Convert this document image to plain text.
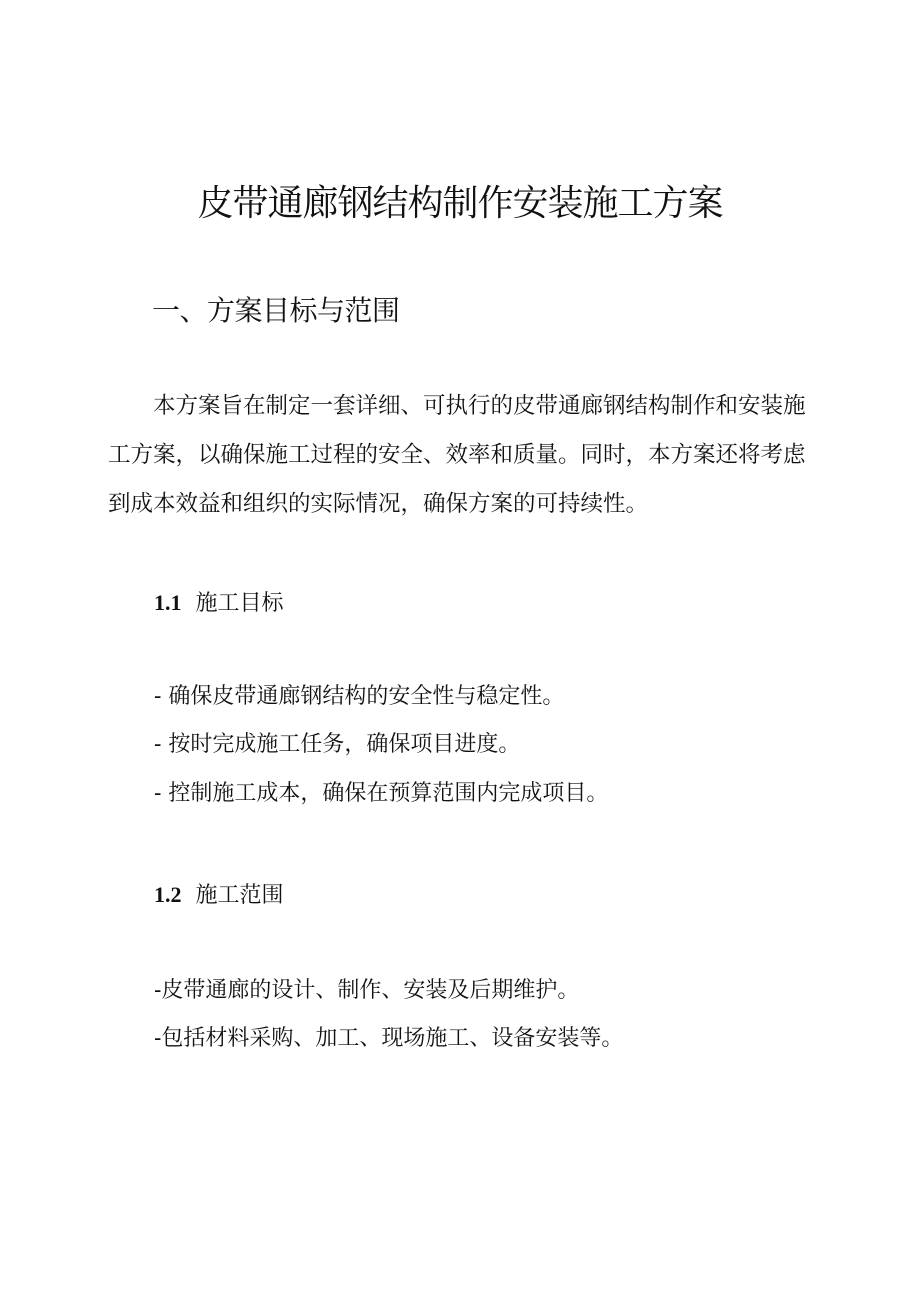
皮带通廊钢结构制作安装施工方案
一、方案目标与范围
本方案旨在制定一套详细、可执行的皮带通廊钢结构制作和安装施工方案，以确保施工过程的安全、效率和质量。同时，本方案还将考虑到成本效益和组织的实际情况，确保方案的可持续性。
1.1 施工目标
- 确保皮带通廊钢结构的安全性与稳定性。
- 按时完成施工任务，确保项目进度。
- 控制施工成本，确保在预算范围内完成项目。
1.2 施工范围
-皮带通廊的设计、制作、安装及后期维护。
-包括材料采购、加工、现场施工、设备安装等。
